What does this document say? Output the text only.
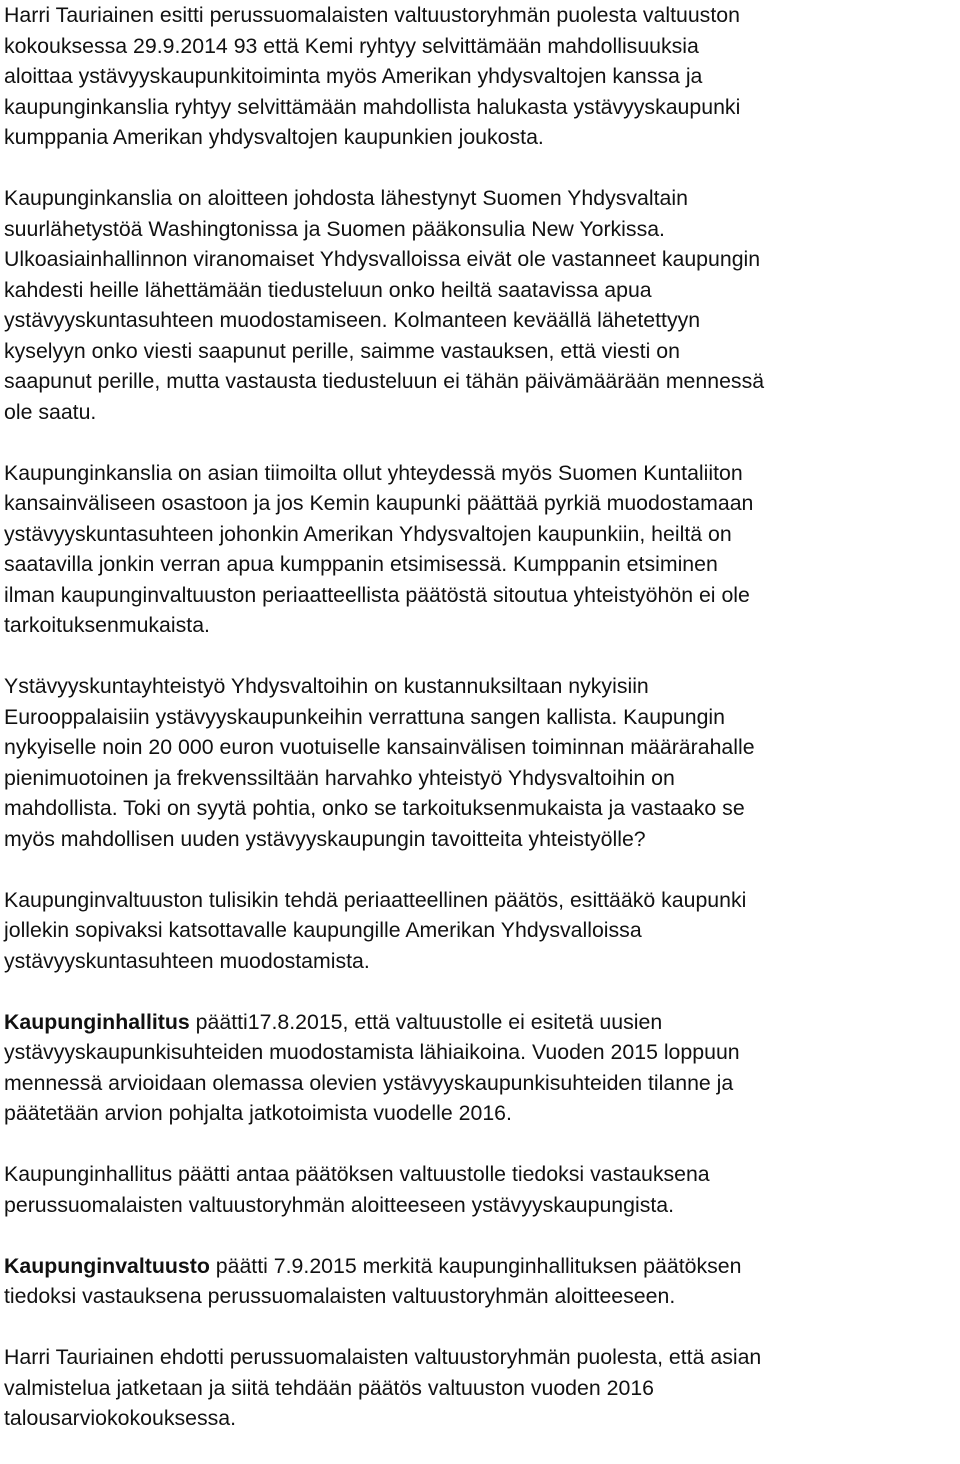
Harri Tauriainen esitti perussuomalaisten valtuustoryhmän puolesta valtuuston
kokouksessa 29.9.2014 93 että Kemi ryhtyy selvittämään mahdollisuuksia
aloittaa ystävyyskaupunkitoiminta myös Amerikan yhdysvaltojen kanssa ja
kaupunginkanslia ryhtyy selvittämään mahdollista halukasta ystävyyskaupunki
kumppania Amerikan yhdysvaltojen kaupunkien joukosta.

Kaupunginkanslia on aloitteen johdosta lähestynyt Suomen Yhdysvaltain
suurlähetystöä Washingtonissa ja Suomen pääkonsulia New Yorkissa.
Ulkoasiainhallinnon viranomaiset Yhdysvalloissa eivät ole vastanneet kaupungin
kahdesti heille lähettämään tiedusteluun onko heiltä saatavissa apua
ystävyyskuntasuhteen muodostamiseen. Kolmanteen keväällä lähetettyyn
kyselyyn onko viesti saapunut perille, saimme vastauksen, että viesti on
saapunut perille, mutta vastausta tiedusteluun ei tähän päivämäärään mennessä
ole saatu.

Kaupunginkanslia on asian tiimoilta ollut yhteydessä myös Suomen Kuntaliiton
kansainväliseen osastoon ja jos Kemin kaupunki päättää pyrkiä muodostamaan
ystävyyskuntasuhteen johonkin Amerikan Yhdysvaltojen kaupunkiin, heiltä on
saatavilla jonkin verran apua kumppanin etsimisessä. Kumppanin etsiminen
ilman kaupunginvaltuuston periaatteellista päätöstä sitoutua yhteistyöhön ei ole
tarkoituksenmukaista.

Ystävyyskuntayhteistyö Yhdysvaltoihin on kustannuksiltaan nykyisiin
Eurooppalaisiin ystävyyskaupunkeihin verrattuna sangen kallista. Kaupungin
nykyiselle noin 20 000 euron vuotuiselle kansainvälisen toiminnan määrärahalle
pienimuotoinen ja frekvenssiltään harvahko yhteistyö Yhdysvaltoihin on
mahdollista. Toki on syytä pohtia, onko se tarkoituksenmukaista ja vastaako se
myös mahdollisen uuden ystävyyskaupungin tavoitteita yhteistyölle?

Kaupunginvaltuuston tulisikin tehdä periaatteellinen päätös, esittääkö kaupunki
jollekin sopivaksi katsottavalle kaupungille Amerikan Yhdysvalloissa
ystävyyskuntasuhteen muodostamista.

Kaupunginhallitus päätti17.8.2015, että valtuustolle ei esitetä uusien
ystävyyskaupunkisuhteiden muodostamista lähiaikoina. Vuoden 2015 loppuun
mennessä arvioidaan olemassa olevien ystävyyskaupunkisuhteiden tilanne ja
päätetään arvion pohjalta jatkotoimista vuodelle 2016.

Kaupunginhallitus päätti antaa päätöksen valtuustolle tiedoksi vastauksena
perussuomalaisten valtuustoryhmän aloitteeseen ystävyyskaupungista.

Kaupunginvaltuusto päätti 7.9.2015 merkitä kaupunginhallituksen päätöksen
tiedoksi vastauksena perussuomalaisten valtuustoryhmän aloitteeseen.

Harri Tauriainen ehdotti perussuomalaisten valtuustoryhmän puolesta, että asian
valmistelua jatketaan ja siitä tehdään päätös valtuuston vuoden 2016
talousarviokokouksessa.
